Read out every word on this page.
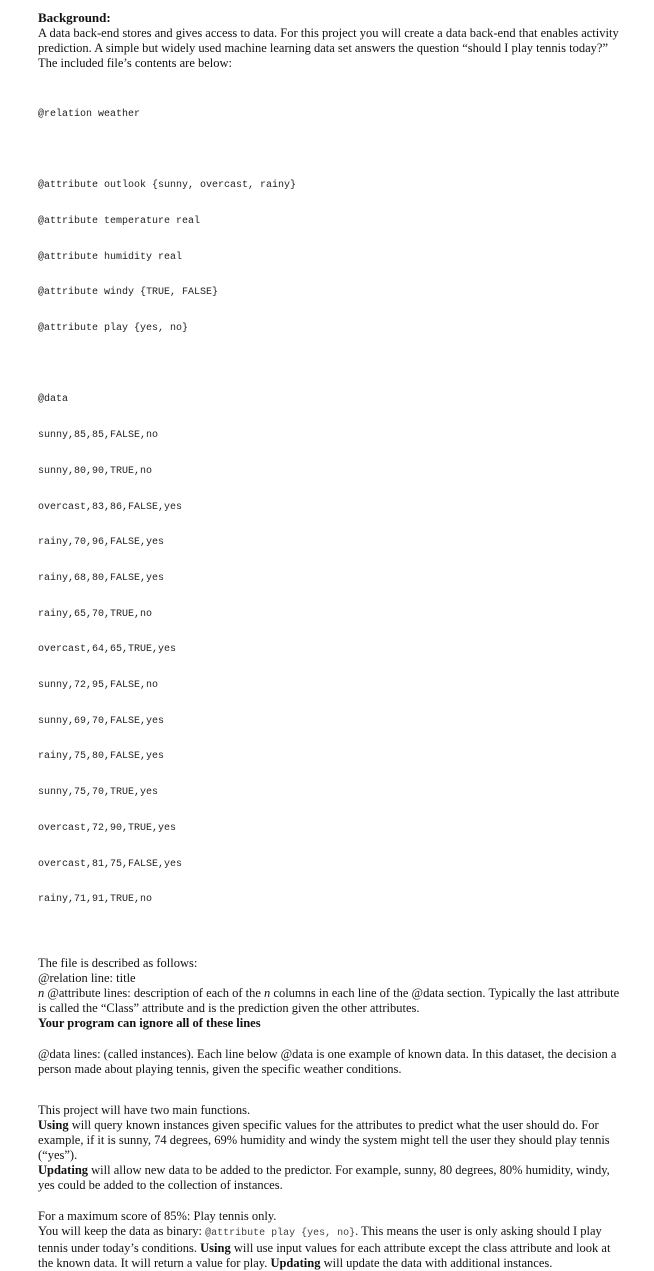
Background:

A data back-end stores and gives access to data. For this project you will create a data back-end that enables activity prediction. A simple but widely used machine learning data set answers the question “should I play tennis today?” The included file’s contents are below:

@relation weather

@attribute outlook {sunny, overcast, rainy}

@attribute temperature real

@attribute humidity real

@attribute windy {TRUE, FALSE}

@attribute play {yes, no}

@data

sunny,85,85,FALSE,no

sunny,80,90,TRUE,no

overcast,83,86,FALSE,yes

rainy,70,96,FALSE,yes

rainy,68,80,FALSE,yes

rainy,65,70,TRUE,no

overcast,64,65,TRUE,yes

sunny,72,95,FALSE,no

sunny,69,70,FALSE,yes

rainy,75,80,FALSE,yes

sunny,75,70,TRUE,yes

overcast,72,90,TRUE,yes

overcast,81,75,FALSE,yes

rainy,71,91,TRUE,no

The file is described as follows:

@relation line: title

n @attribute lines: description of each of the n columns in each line of the @data section. Typically the last attribute is called the “Class” attribute and is the prediction given the other attributes.

Your program can ignore all of these lines

@data lines: (called instances). Each line below @data is one example of known data. In this dataset, the decision a person made about playing tennis, given the specific weather conditions.

This project will have two main functions.

Using will query known instances given specific values for the attributes to predict what the user should do. For example, if it is sunny, 74 degrees, 69% humidity and windy the system might tell the user they should play tennis (“yes”).

Updating will allow new data to be added to the predictor. For example, sunny, 80 degrees, 80% humidity, windy, yes could be added to the collection of instances.

For a maximum score of 85%: Play tennis only.

You will keep the data as binary: @attribute play {yes, no}. This means the user is only asking should I play tennis under today’s conditions. Using will use input values for each attribute except the class attribute and look at the known data. It will return a value for play. Updating will update the data with additional instances.
